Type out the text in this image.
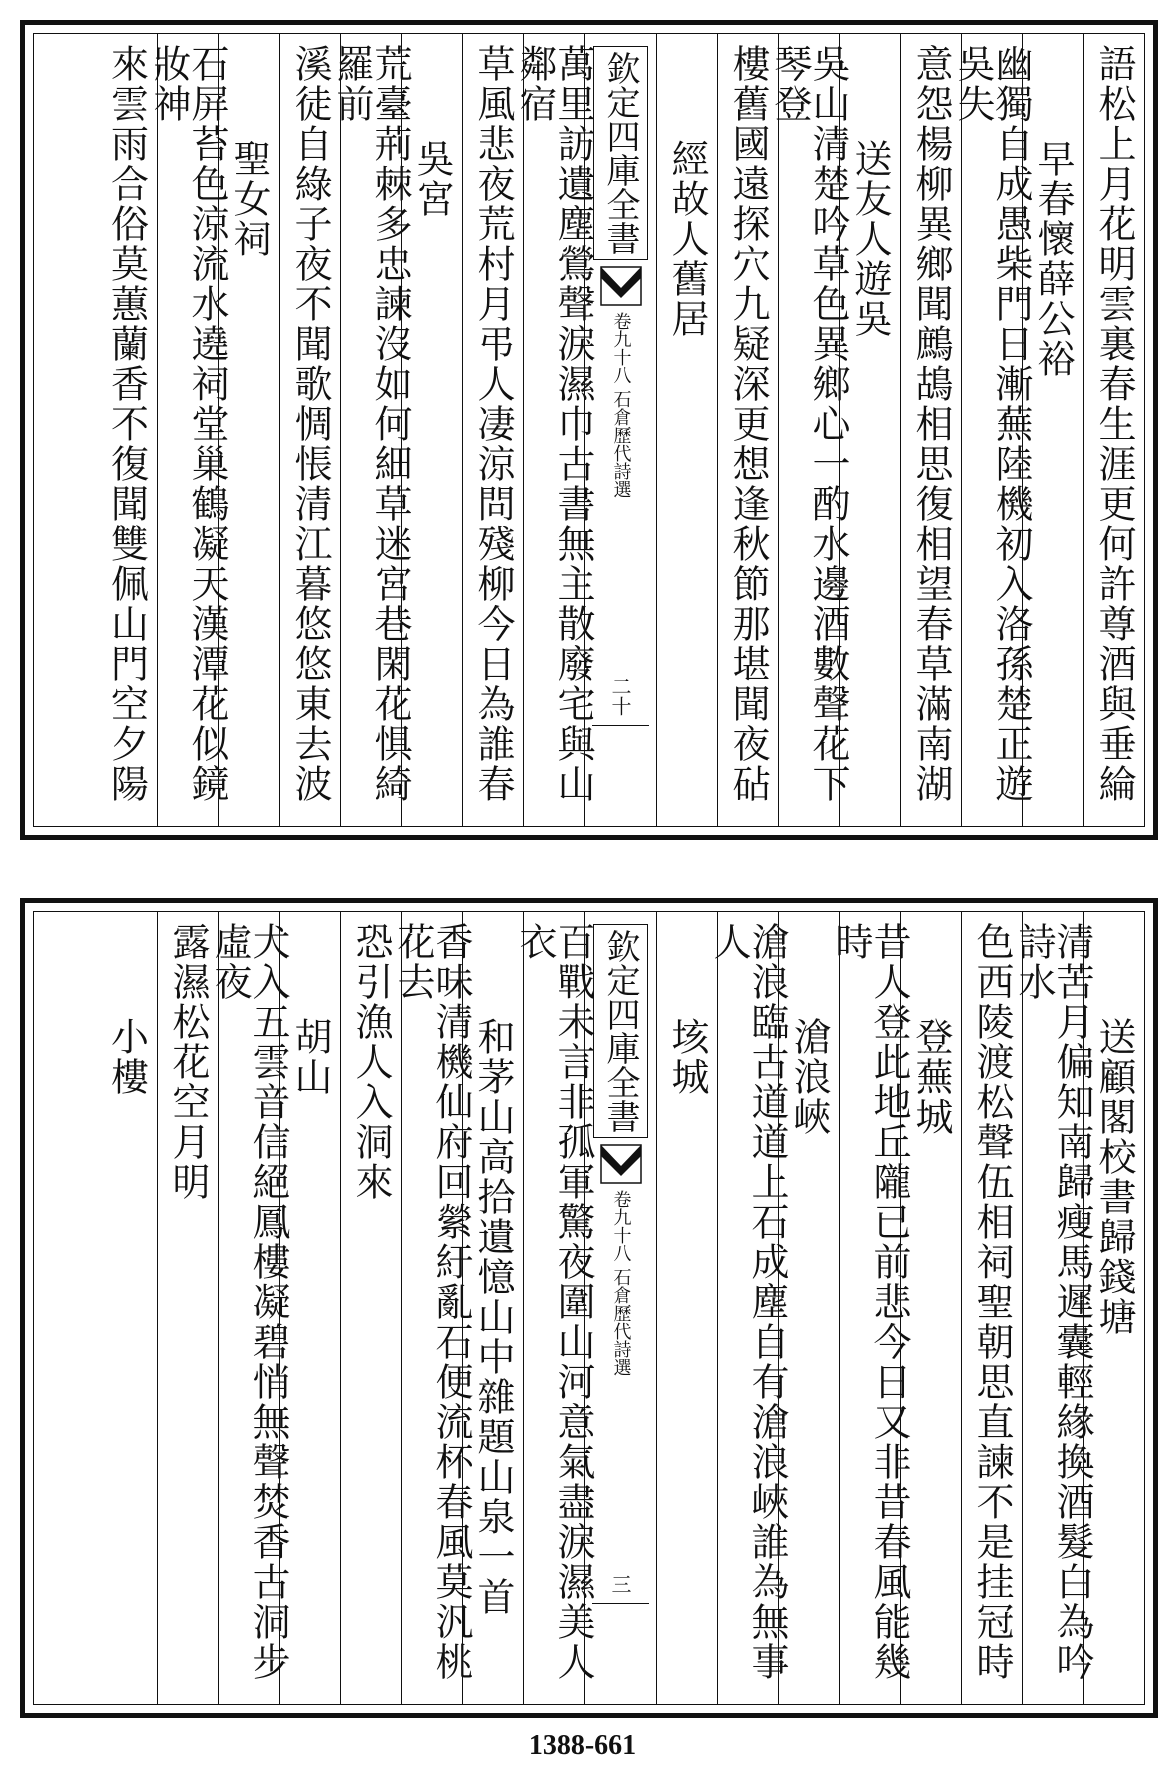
語松上月花明雲裏春生涯更何許尊酒與垂綸
早春懷薛公裕
幽獨自成愚柴門日漸蕪陸機初入洛孫楚正遊吳失
意怨楊柳異鄉聞鷓鴣相思復相望春草滿南湖
送友人遊吳
吳山清楚吟草色異鄉心一酌水邊酒數聲花下琴登
樓舊國遠探穴九疑深更想逢秋節那堪聞夜砧
經故人舊居
欽定四庫全書
石倉歷代詩選
卷九十八
二十
萬里訪遺塵鶯聲淚濕巾古書無主散廢宅與山鄰宿
草風悲夜荒村月弔人凄涼問殘柳今日為誰春
吳宮
荒臺荊棘多忠諫沒如何細草迷宮巷閑花惧綺羅前
溪徒自綠子夜不聞歌惆悵清江暮悠悠東去波
聖女祠
石屏苔色涼流水遶祠堂巢鶴凝天漢潭花似鏡妝神
來雲雨合俗莫蕙蘭香不復聞雙佩山門空夕陽
送顧閣校書歸錢塘
清苦月偏知南歸瘦馬遲囊輕緣換酒髮白為吟詩水
色西陵渡松聲伍相祠聖朝思直諫不是挂冠時
登蕪城
昔人登此地丘隴已前悲今日又非昔春風能幾時
滄浪峽
滄浪臨古道道上石成塵自有滄浪峽誰為無事人
垓城
欽定四庫全書
石倉歷代詩選
卷九十八
三
百戰未言非孤軍驚夜圍山河意氣盡淚濕美人衣
和茅山高拾遺憶山中雜題山泉一首
香味清機仙府回縈紆亂石便流杯春風莫汎桃花去
恐引漁人入洞來
胡山
犬入五雲音信絕鳳樓凝碧悄無聲焚香古洞步虛夜
露濕松花空月明
小樓
1388-661
